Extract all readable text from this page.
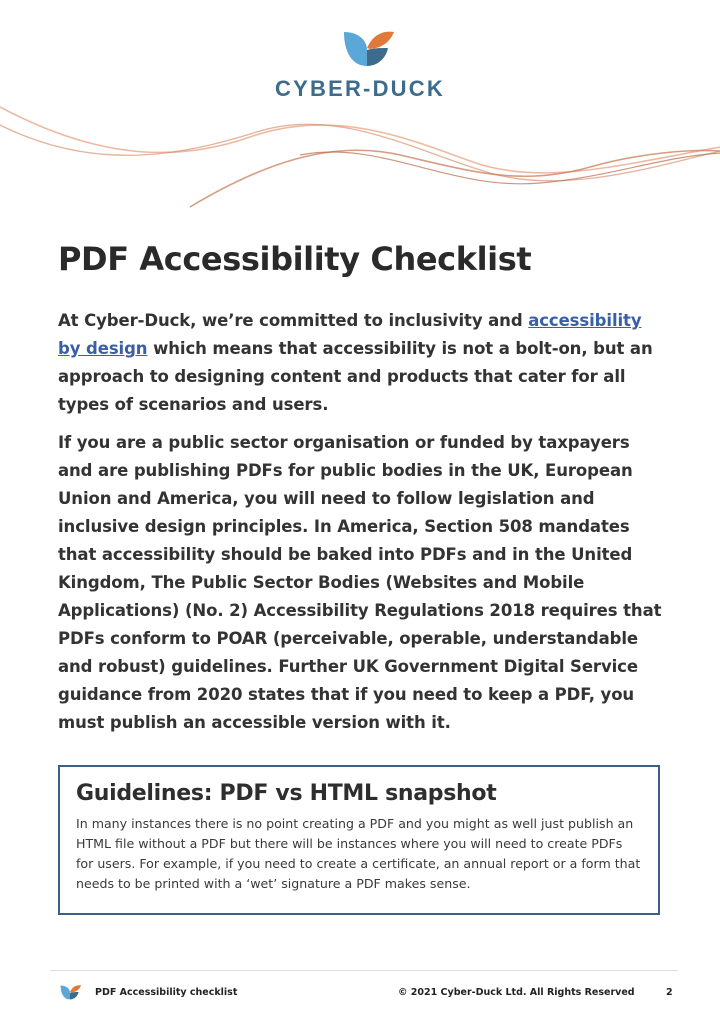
CYBER-DUCK
PDF Accessibility Checklist
At Cyber-Duck, we’re committed to inclusivity and accessibility by design which means that accessibility is not a bolt-on, but an approach to designing content and products that cater for all types of scenarios and users.
If you are a public sector organisation or funded by taxpayers and are publishing PDFs for public bodies in the UK, European Union and America, you will need to follow legislation and inclusive design principles. In America, Section 508 mandates that accessibility should be baked into PDFs and in the United Kingdom, The Public Sector Bodies (Websites and Mobile Applications) (No. 2) Accessibility Regulations 2018 requires that PDFs conform to POAR (perceivable, operable, understandable and robust) guidelines. Further UK Government Digital Service guidance from 2020 states that if you need to keep a PDF, you must publish an accessible version with it.
Guidelines: PDF vs HTML snapshot

In many instances there is no point creating a PDF and you might as well just publish an HTML file without a PDF but there will be instances where you will need to create PDFs for users. For example, if you need to create a certificate, an annual report or a form that needs to be printed with a ‘wet’ signature a PDF makes sense.

PDF Accessibility checklist	© 2021 Cyber-Duck Ltd. All Rights Reserved	2
